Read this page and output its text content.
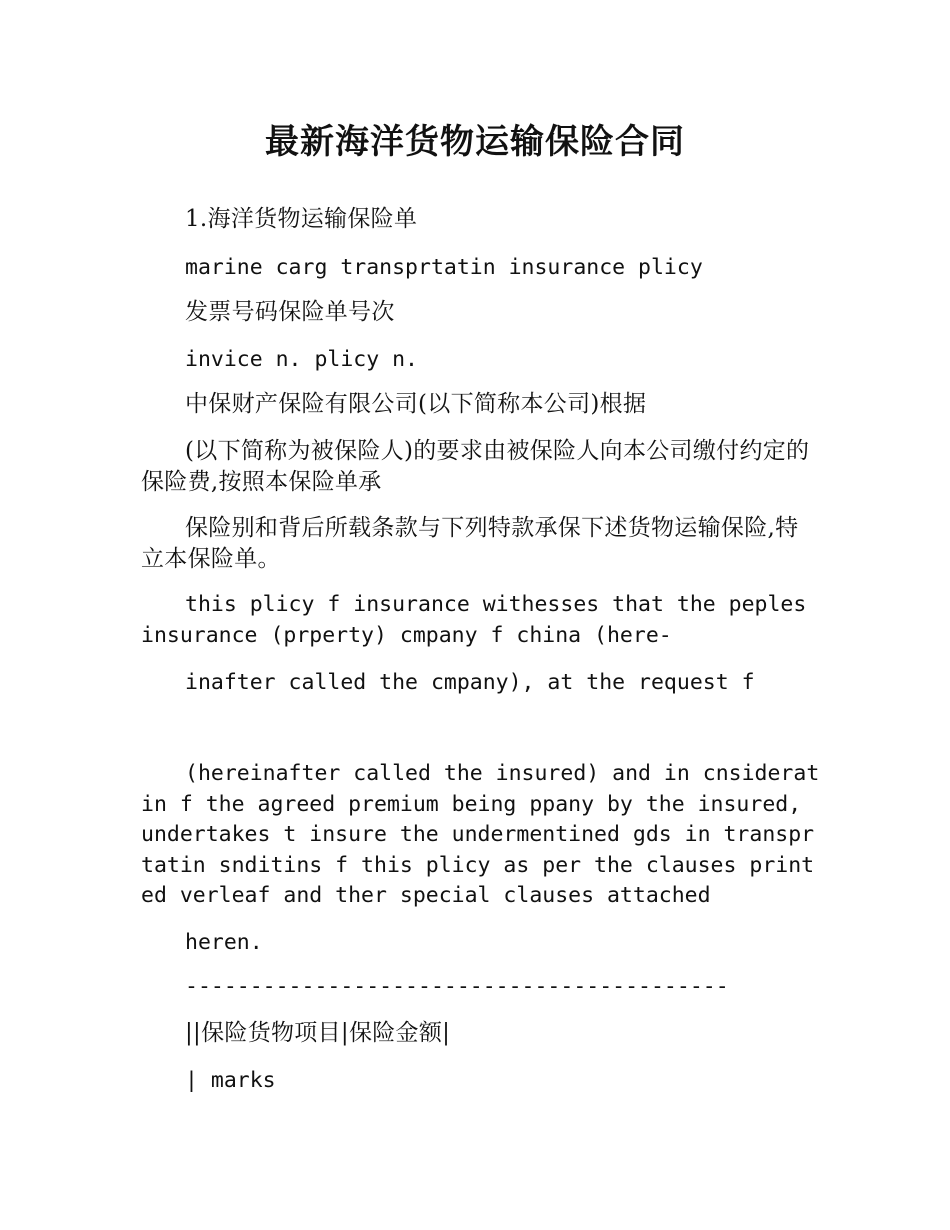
最新海洋货物运输保险合同

1.海洋货物运输保险单

marine carg transprtatin insurance plicy

发票号码保险单号次

invice n. plicy n.

中保财产保险有限公司(以下简称本公司)根据

(以下简称为被保险人)的要求由被保险人向本公司缴付约定的保险费,按照本保险单承

保险别和背后所载条款与下列特款承保下述货物运输保险,特立本保险单。

this plicy f insurance withesses that the peples insurance (prperty) cmpany f china (here-

inafter called the cmpany), at the request f

(hereinafter called the insured) and in cnsideratin f the agreed premium being ppany by the insured, undertakes t insure the undermentined gds in transprtatin snditins f this plicy as per the clauses printed verleaf and ther special clauses attached

heren.

------------------------------------------

||保险货物项目|保险金额|

| marks
